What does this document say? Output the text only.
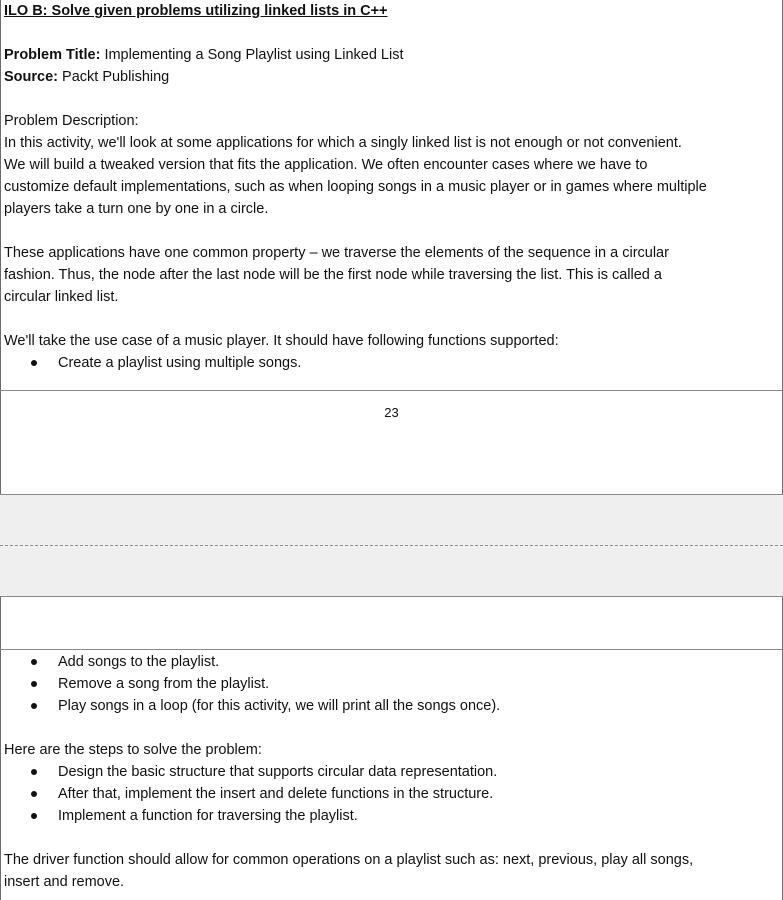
ILO B: Solve given problems utilizing linked lists in C++

Problem Title: Implementing a Song Playlist using Linked List

Source: Packt Publishing

Problem Description:

In this activity, we'll look at some applications for which a singly linked list is not enough or not convenient.

We will build a tweaked version that fits the application. We often encounter cases where we have to

customize default implementations, such as when looping songs in a music player or in games where multiple

players take a turn one by one in a circle.

These applications have one common property – we traverse the elements of the sequence in a circular

fashion. Thus, the node after the last node will be the first node while traversing the list. This is called a

circular linked list.

We'll take the use case of a music player. It should have following functions supported:

Create a playlist using multiple songs.
23
Add songs to the playlist.
Remove a song from the playlist.
Play songs in a loop (for this activity, we will print all the songs once).

Here are the steps to solve the problem:

Design the basic structure that supports circular data representation.
After that, implement the insert and delete functions in the structure.
Implement a function for traversing the playlist.

The driver function should allow for common operations on a playlist such as: next, previous, play all songs,

insert and remove.
